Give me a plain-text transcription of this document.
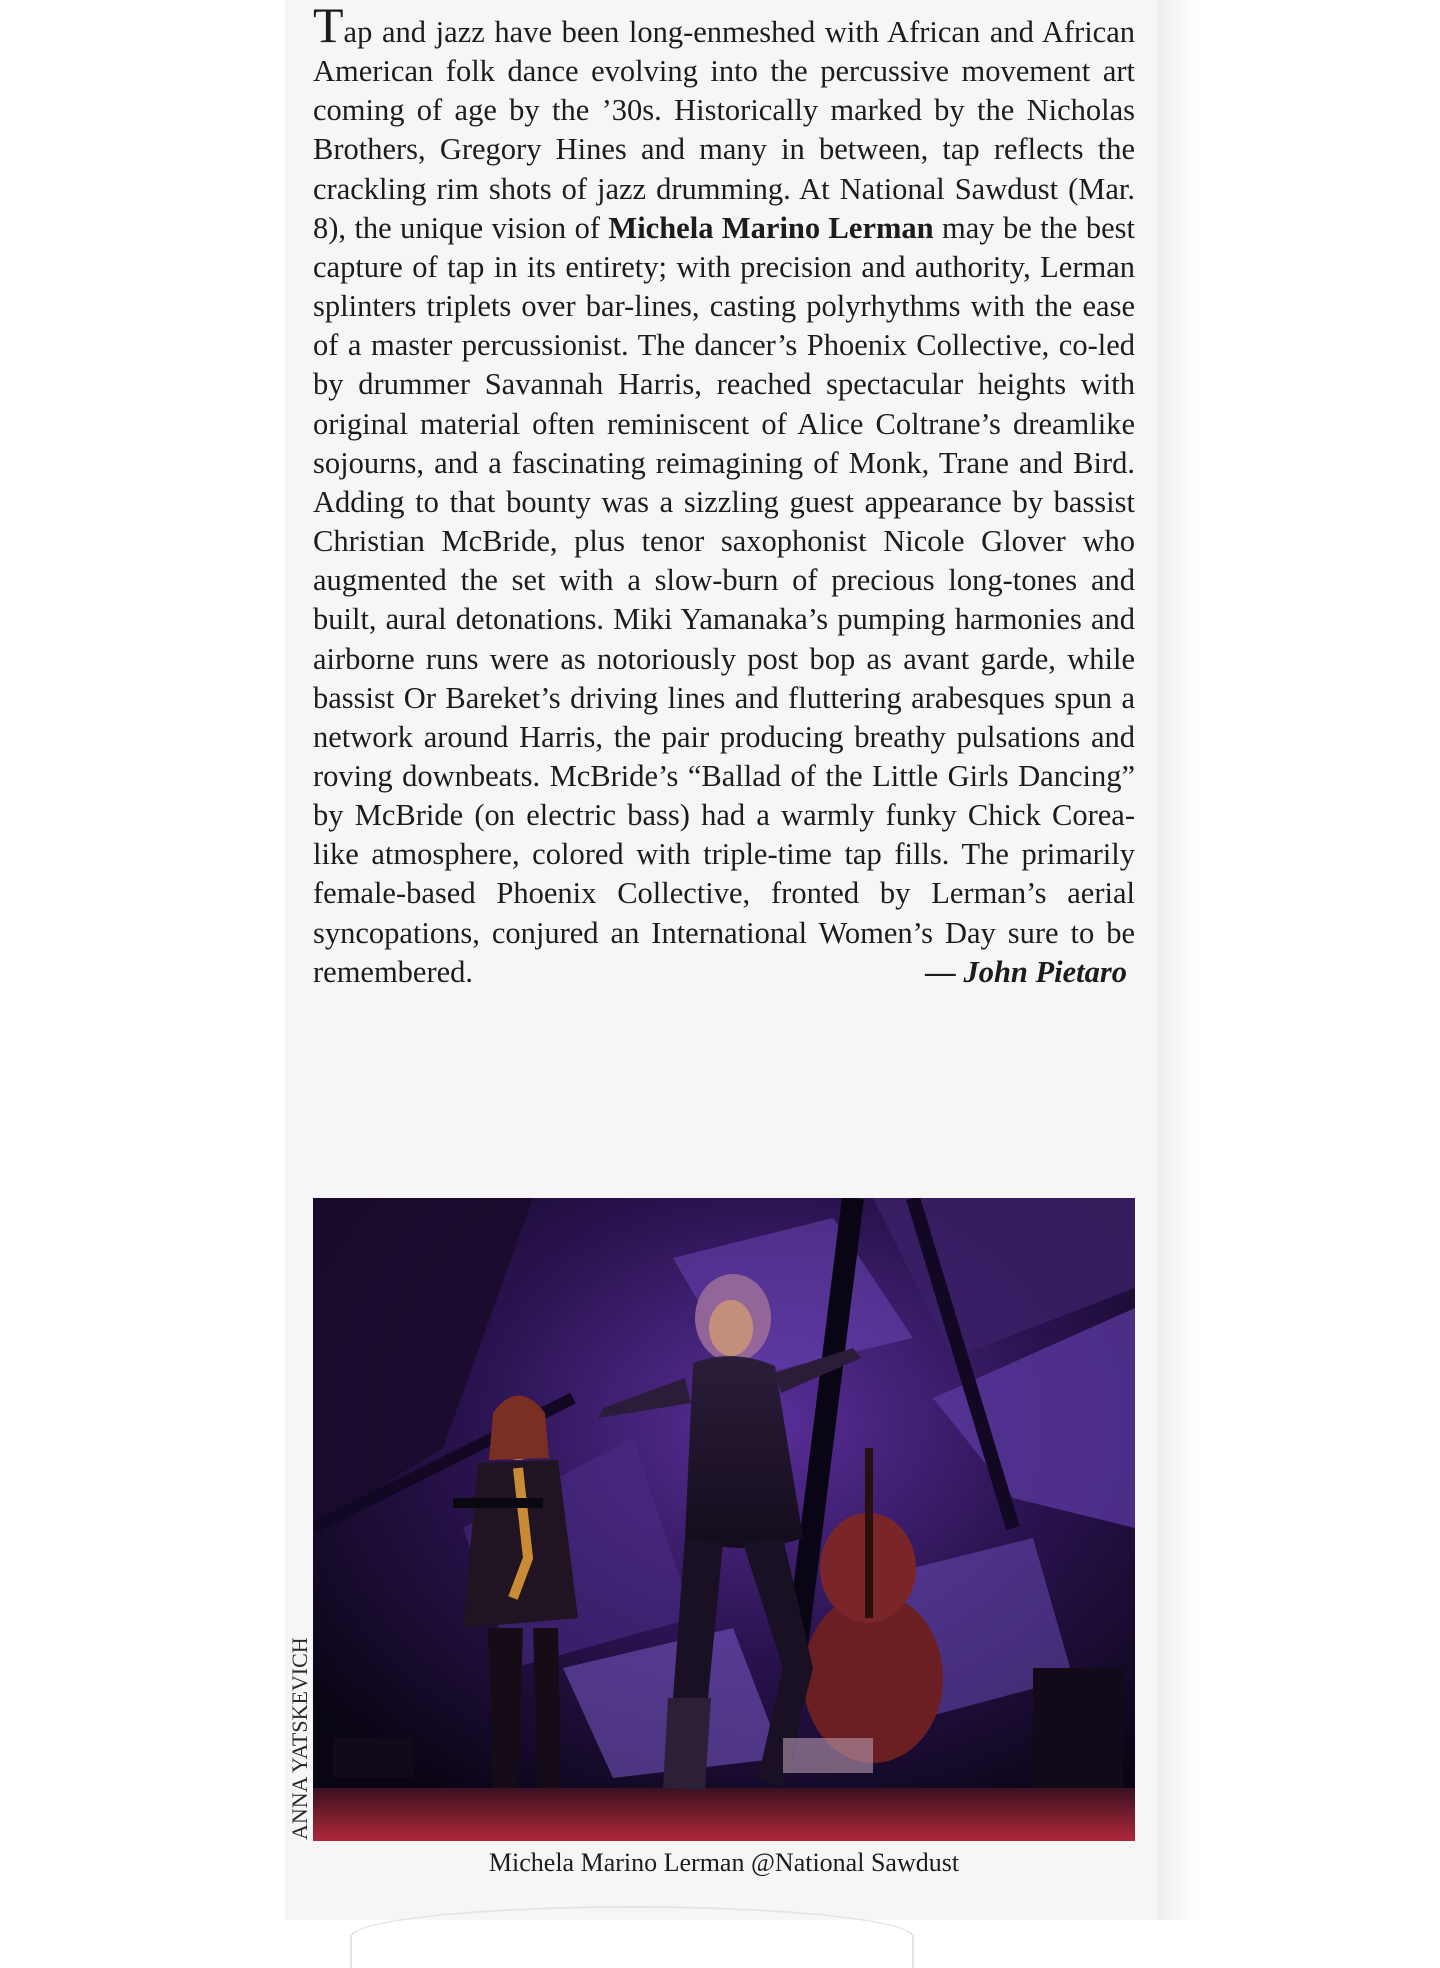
Tap and jazz have been long-enmeshed with African and African American folk dance evolving into the percussive movement art coming of age by the ’30s. Historically marked by the Nicholas Brothers, Gregory Hines and many in between, tap reflects the crackling rim shots of jazz drumming. At National Sawdust (Mar. 8), the unique vision of Michela Marino Lerman may be the best capture of tap in its entirety; with precision and authority, Lerman splinters triplets over bar-lines, casting polyrhythms with the ease of a master percussionist. The dancer’s Phoenix Collective, co-led by drummer Savannah Harris, reached spectacular heights with original material often reminiscent of Alice Coltrane’s dreamlike sojourns, and a fascinating reimagining of Monk, Trane and Bird. Adding to that bounty was a sizzling guest appearance by bassist Christian McBride, plus tenor saxophonist Nicole Glover who augmented the set with a slow-burn of precious long-tones and built, aural detonations. Miki Yamanaka’s pumping harmonies and airborne runs were as notoriously post bop as avant garde, while bassist Or Bareket’s driving lines and fluttering arabesques spun a network around Harris, the pair producing breathy pulsations and roving downbeats. McBride’s “Ballad of the Little Girls Dancing” by McBride (on electric bass) had a warmly funky Chick Corea-like atmosphere, colored with triple-time tap fills. The primarily female-based Phoenix Collective, fronted by Lerman’s aerial syncopations, conjured an International Women’s Day sure to be remembered.	— John Pietaro

ANNA YATSKEVICH
Michela Marino Lerman @National Sawdust
